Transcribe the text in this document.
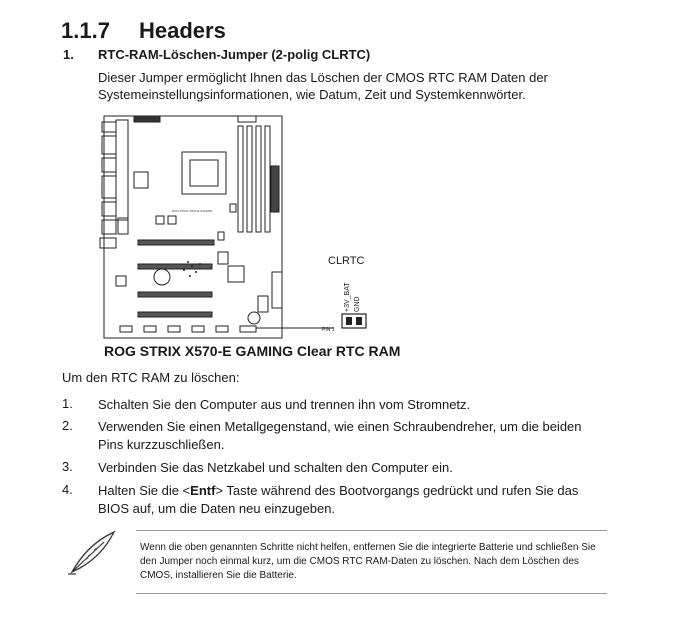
1.1.7 Headers
1. RTC-RAM-Löschen-Jumper (2-polig CLRTC)
Dieser Jumper ermöglicht Ihnen das Löschen der CMOS RTC RAM Daten der Systemeinstellungsinformationen, wie Datum, Zeit und Systemkennwörter.
ROG STRIX X570-E GAMING
CLRTC
+3V_BAT GND
PIN 1
ROG STRIX X570-E GAMING Clear RTC RAM
Um den RTC RAM zu löschen:
1. Schalten Sie den Computer aus und trennen ihn vom Stromnetz.
2. Verwenden Sie einen Metallgegenstand, wie einen Schraubendreher, um die beiden Pins kurzzuschließen.
3. Verbinden Sie das Netzkabel und schalten den Computer ein.
4. Halten Sie die <Entf> Taste während des Bootvorgangs gedrückt und rufen Sie das BIOS auf, um die Daten neu einzugeben.
Wenn die oben genannten Schritte nicht helfen, entfernen Sie die integrierte Batterie und schließen Sie den Jumper noch einmal kurz, um die CMOS RTC RAM-Daten zu löschen. Nach dem Löschen des CMOS, installieren Sie die Batterie.
